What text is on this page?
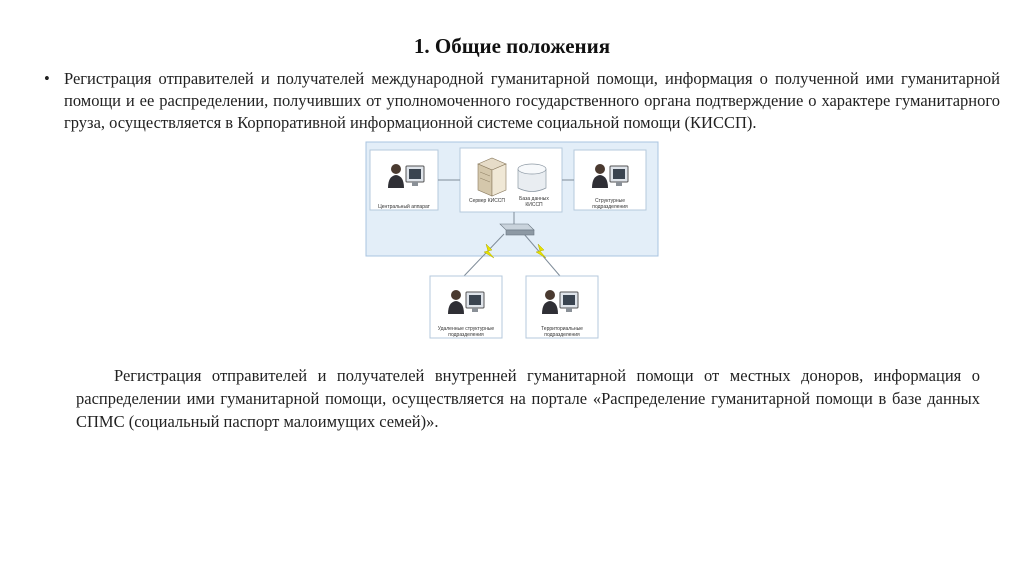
1. Общие положения
• Регистрация отправителей и получателей международной гуманитарной помощи, информация о полученной ими гуманитарной помощи и ее распределении, получивших от уполномоченного государственного органа подтверждение о характере гуманитарного груза, осуществляется в Корпоративной информационной системе социальной помощи (КИССП).
Центральный аппарат
Сервер КИССП	База данных КИССП
Структурные подразделения
Удаленные структурные подразделения
Территориальные подразделения
Регистрация отправителей и получателей внутренней гуманитарной помощи от местных доноров, информация о распределении ими гуманитарной помощи, осуществляется на портале «Распределение гуманитарной помощи в базе данных СПМС (социальный паспорт малоимущих семей)».
